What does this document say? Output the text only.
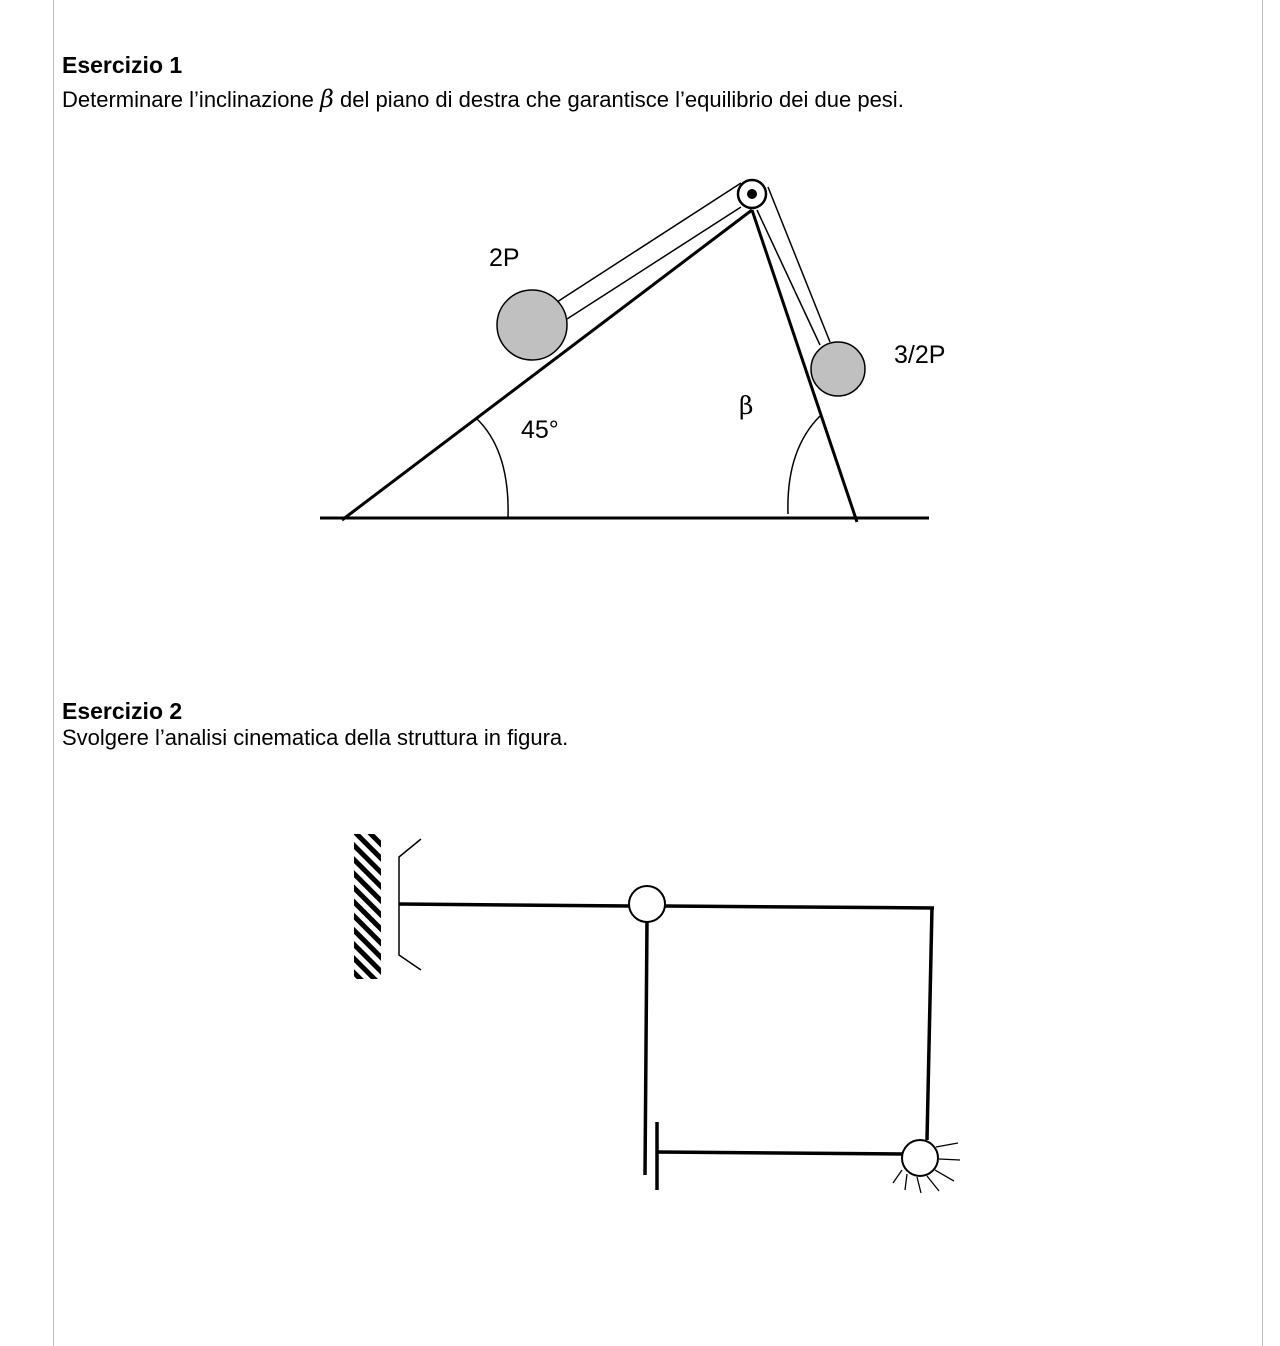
Esercizio 1
Determinare l’inclinazione β del piano di destra che garantisce l’equilibrio dei due pesi.
2P
3/2P
45°
β
Esercizio 2
Svolgere l’analisi cinematica della struttura in figura.
